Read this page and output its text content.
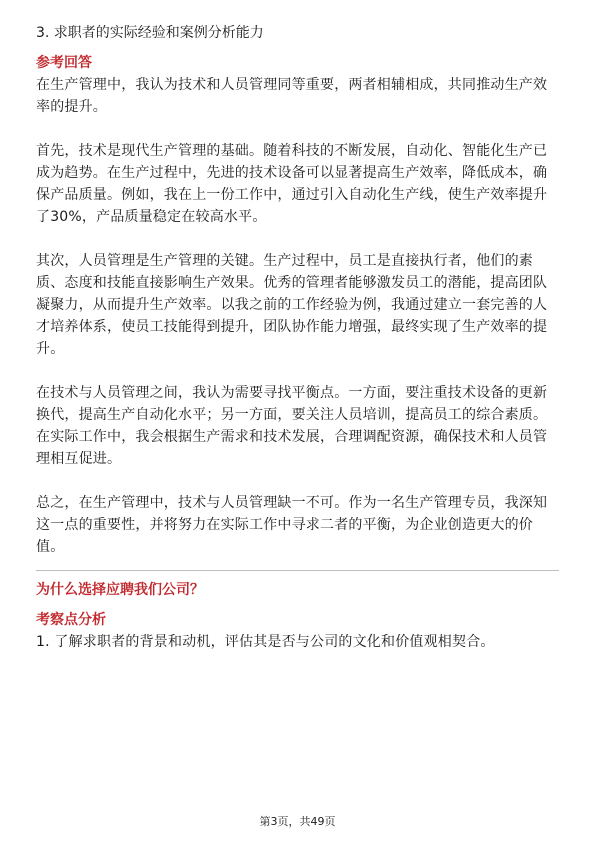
3. 求职者的实际经验和案例分析能力
参考回答
在生产管理中，我认为技术和人员管理同等重要，两者相辅相成，共同推动生产效
率的提升。
首先，技术是现代生产管理的基础。随着科技的不断发展，自动化、智能化生产已
成为趋势。在生产过程中，先进的技术设备可以显著提高生产效率，降低成本，确
保产品质量。例如，我在上一份工作中，通过引入自动化生产线，使生产效率提升
了30%，产品质量稳定在较高水平。
其次，人员管理是生产管理的关键。生产过程中，员工是直接执行者，他们的素
质、态度和技能直接影响生产效果。优秀的管理者能够激发员工的潜能，提高团队
凝聚力，从而提升生产效率。以我之前的工作经验为例，我通过建立一套完善的人
才培养体系，使员工技能得到提升，团队协作能力增强，最终实现了生产效率的提
升。
在技术与人员管理之间，我认为需要寻找平衡点。一方面，要注重技术设备的更新
换代，提高生产自动化水平；另一方面，要关注人员培训，提高员工的综合素质。
在实际工作中，我会根据生产需求和技术发展，合理调配资源，确保技术和人员管
理相互促进。
总之，在生产管理中，技术与人员管理缺一不可。作为一名生产管理专员，我深知
这一点的重要性，并将努力在实际工作中寻求二者的平衡，为企业创造更大的价
值。
为什么选择应聘我们公司？
考察点分析
1. 了解求职者的背景和动机，评估其是否与公司的文化和价值观相契合。
第3页，共49页
